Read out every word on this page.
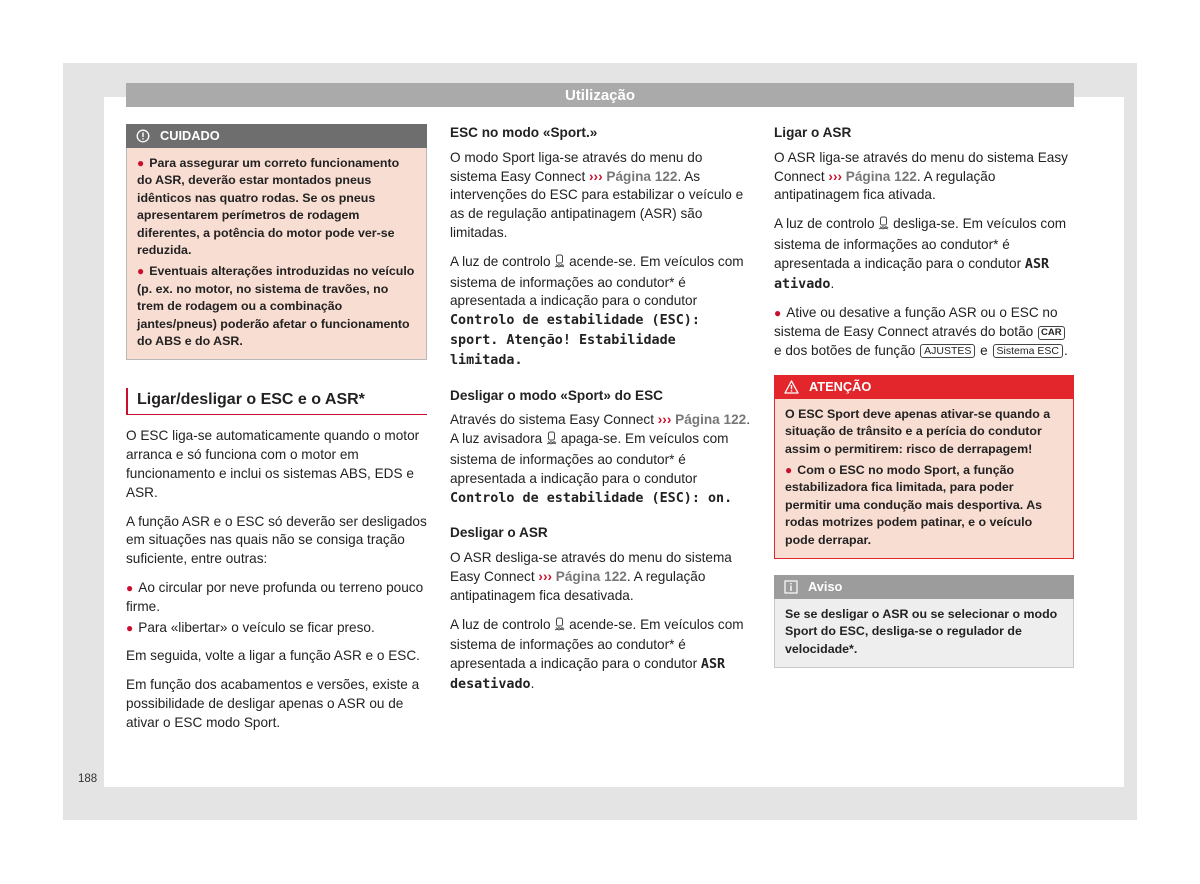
Utilização
CUIDADO

● Para assegurar um correto funcionamento do ASR, deverão estar montados pneus idênticos nas quatro rodas. Se os pneus apresentarem perímetros de rodagem diferentes, a potência do motor pode ver-se reduzida.

● Eventuais alterações introduzidas no veículo (p. ex. no motor, no sistema de travões, no trem de rodagem ou a combinação jantes/pneus) poderão afetar o funcionamento do ABS e do ASR.

Ligar/desligar o ESC e o ASR*

O ESC liga-se automaticamente quando o motor arranca e só funciona com o motor em funcionamento e inclui os sistemas ABS, EDS e ASR.

A função ASR e o ESC só deverão ser desligados em situações nas quais não se consiga tração suficiente, entre outras:

● Ao circular por neve profunda ou terreno pouco firme.

● Para «libertar» o veículo se ficar preso.

Em seguida, volte a ligar a função ASR e o ESC.

Em função dos acabamentos e versões, existe a possibilidade de desligar apenas o ASR ou de ativar o ESC modo Sport.

ESC no modo «Sport.»

O modo Sport liga-se através do menu do sistema Easy Connect ››› Página 122. As intervenções do ESC para estabilizar o veículo e as de regulação antipatinagem (ASR) são limitadas.

A luz de controlo acende-se. Em veículos com sistema de informações ao condutor* é apresentada a indicação para o condutor Controlo de estabilidade (ESC): sport. Atenção! Estabilidade limitada.

Desligar o modo «Sport» do ESC

Através do sistema Easy Connect ››› Página 122. A luz avisadora apaga-se. Em veículos com sistema de informações ao condutor* é apresentada a indicação para o condutor Controlo de estabilidade (ESC): on.

Desligar o ASR

O ASR desliga-se através do menu do sistema Easy Connect ››› Página 122. A regulação antipatinagem fica desativada.

A luz de controlo acende-se. Em veículos com sistema de informações ao condutor* é apresentada a indicação para o condutor ASR desativado.

Ligar o ASR

O ASR liga-se através do menu do sistema Easy Connect ››› Página 122. A regulação antipatinagem fica ativada.

A luz de controlo desliga-se. Em veículos com sistema de informações ao condutor* é apresentada a indicação para o condutor ASR ativado.

● Ative ou desative a função ASR ou o ESC no sistema de Easy Connect através do botão CAR e dos botões de função AJUSTES e Sistema ESC .

ATENÇÃO

O ESC Sport deve apenas ativar-se quando a situação de trânsito e a perícia do condutor assim o permitirem: risco de derrapagem!

● Com o ESC no modo Sport, a função estabilizadora fica limitada, para poder permitir uma condução mais desportiva. As rodas motrizes podem patinar, e o veículo pode derrapar.

Aviso

Se se desligar o ASR ou se selecionar o modo Sport do ESC, desliga-se o regulador de velocidade*.

188
